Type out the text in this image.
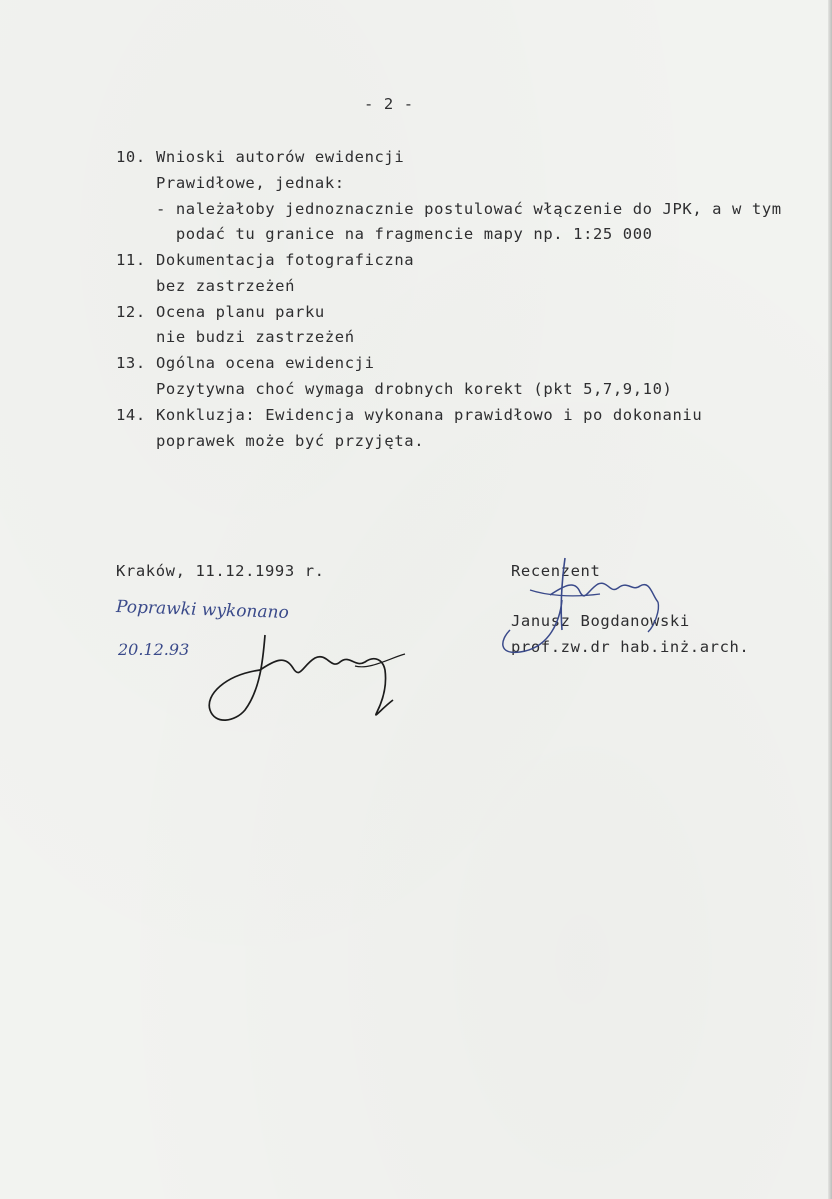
- 2 -
10. Wnioski autorów ewidencji
Prawidłowe, jednak:
- należałoby jednoznacznie postulować włączenie do JPK, a w tym
podać tu granice na fragmencie mapy np. 1:25 000
11. Dokumentacja fotograficzna
bez zastrzeżeń
12. Ocena planu parku
nie budzi zastrzeżeń
13. Ogólna ocena ewidencji
Pozytywna choć wymaga drobnych korekt (pkt 5,7,9,10)
14. Konkluzja: Ewidencja wykonana prawidłowo i po dokonaniu
poprawek może być przyjęta.
Kraków, 11.12.1993 r.	Recenzent
Janusz Bogdanowski
prof.zw.dr hab.inż.arch.
Poprawki wykonano
20.12.93
